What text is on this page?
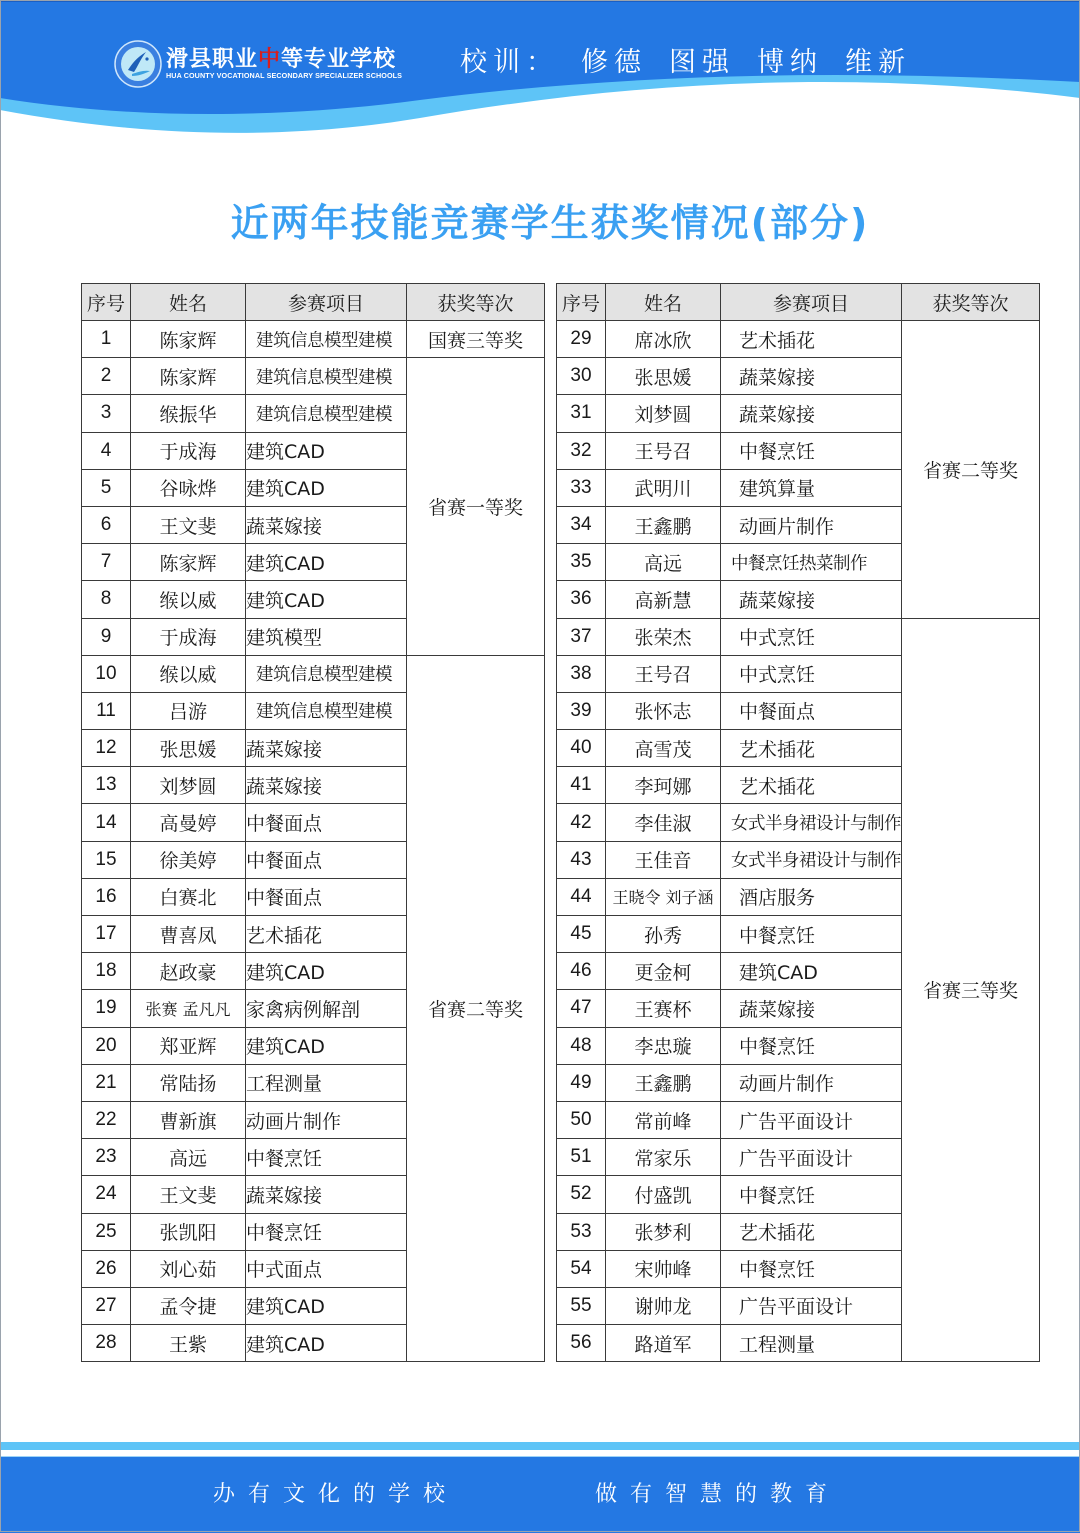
滑县职业中等专业学校
HUA COUNTY VOCATIONAL SECONDARY SPECIALIZER SCHOOLS 校训： 修德 图强 博纳 维新
近两年技能竞赛学生获奖情况(部分)
序号	姓名	参赛项目	获奖等次
1	陈家辉	建筑信息模型建模	国赛三等奖
2	陈家辉	建筑信息模型建模	省赛一等奖
3	缑振华	建筑信息模型建模	
4	于成海	建筑CAD	
5	谷咏烨	建筑CAD	
6	王文斐	蔬菜嫁接	
7	陈家辉	建筑CAD	
8	缑以威	建筑CAD	
9	于成海	建筑模型	
10	缑以威	建筑信息模型建模	省赛二等奖
11	吕游	建筑信息模型建模	
12	张思媛	蔬菜嫁接	
13	刘梦圆	蔬菜嫁接	
14	高曼婷	中餐面点	
15	徐美婷	中餐面点	
16	白赛北	中餐面点	
17	曹喜凤	艺术插花	
18	赵政豪	建筑CAD	
19	张赛 孟凡凡	家禽病例解剖	
20	郑亚辉	建筑CAD	
21	常陆扬	工程测量	
22	曹新旗	动画片制作	
23	高远	中餐烹饪	
24	王文斐	蔬菜嫁接	
25	张凯阳	中餐烹饪	
26	刘心茹	中式面点	
27	孟令捷	建筑CAD	
28	王紫	建筑CAD	
序号	姓名	参赛项目	获奖等次
29	席冰欣	艺术插花	省赛二等奖
30	张思媛	蔬菜嫁接	
31	刘梦圆	蔬菜嫁接	
32	王号召	中餐烹饪	
33	武明川	建筑算量	
34	王鑫鹏	动画片制作	
35	高远	中餐烹饪热菜制作	
36	高新慧	蔬菜嫁接	
37	张荣杰	中式烹饪	省赛三等奖
38	王号召	中式烹饪	
39	张怀志	中餐面点	
40	高雪茂	艺术插花	
41	李珂娜	艺术插花	
42	李佳淑	女式半身裙设计与制作	
43	王佳音	女式半身裙设计与制作	
44	王晓令 刘子涵	酒店服务	
45	孙秀	中餐烹饪	
46	更金柯	建筑CAD	
47	王赛杯	蔬菜嫁接	
48	李忠璇	中餐烹饪	
49	王鑫鹏	动画片制作	
50	常前峰	广告平面设计	
51	常家乐	广告平面设计	
52	付盛凯	中餐烹饪	
53	张梦利	艺术插花	
54	宋帅峰	中餐烹饪	
55	谢帅龙	广告平面设计	
56	路道军	工程测量	
办有文化的学校	做有智慧的教育
